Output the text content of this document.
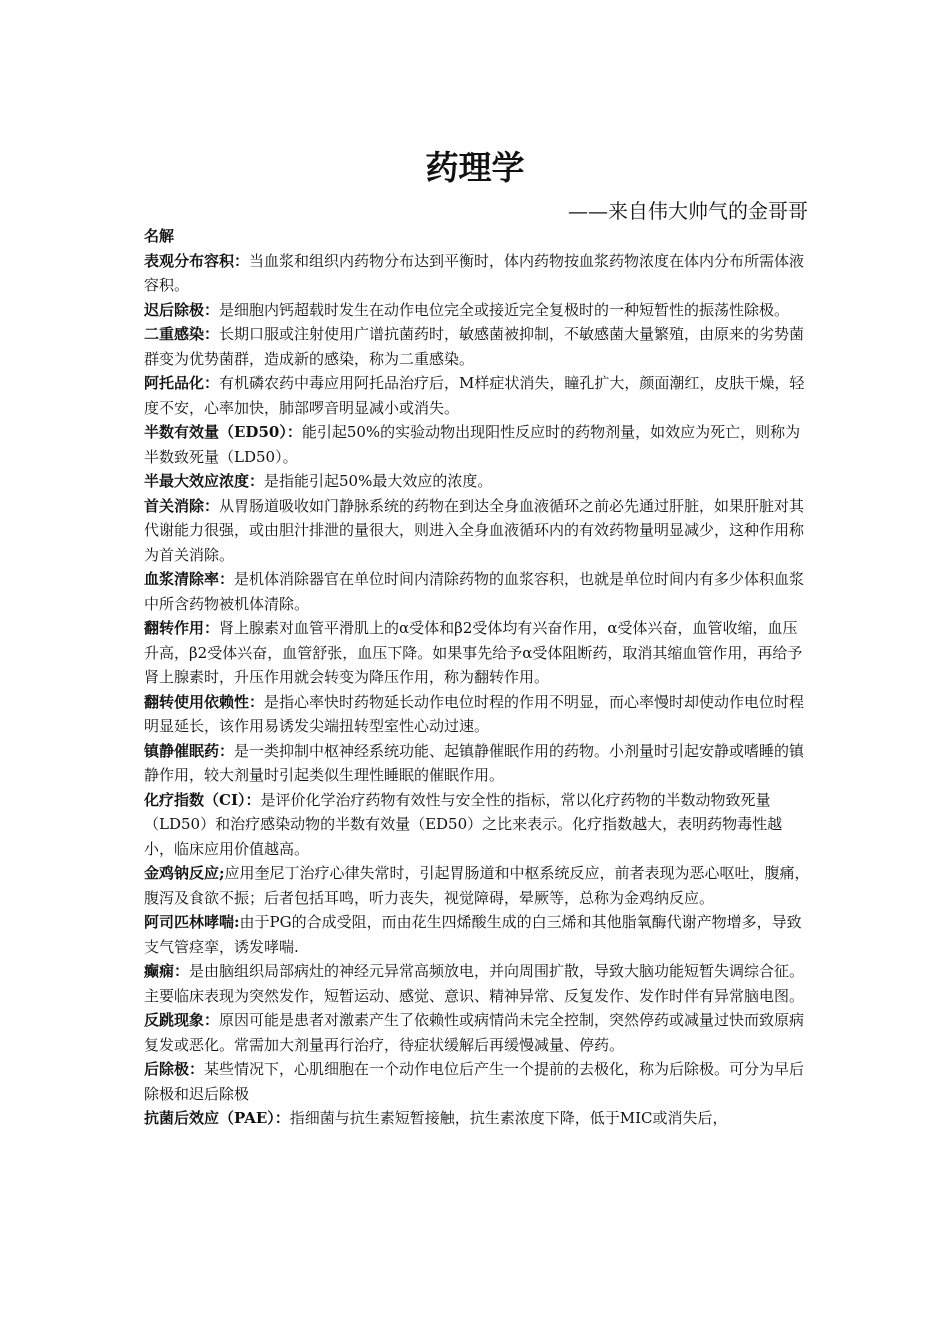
药理学
——来自伟大帅气的金哥哥

名解

表观分布容积：当血浆和组织内药物分布达到平衡时，体内药物按血浆药物浓度在体内分布所需体液容积。

迟后除极：是细胞内钙超载时发生在动作电位完全或接近完全复极时的一种短暂性的振荡性除极。

二重感染：长期口服或注射使用广谱抗菌药时，敏感菌被抑制，不敏感菌大量繁殖，由原来的劣势菌群变为优势菌群，造成新的感染，称为二重感染。

阿托品化：有机磷农药中毒应用阿托品治疗后，M样症状消失，瞳孔扩大，颜面潮红，皮肤干燥，轻度不安，心率加快，肺部啰音明显减小或消失。

半数有效量（ED50）：能引起50%的实验动物出现阳性反应时的药物剂量，如效应为死亡，则称为半数致死量（LD50）。

半最大效应浓度：是指能引起50%最大效应的浓度。

首关消除：从胃肠道吸收如门静脉系统的药物在到达全身血液循环之前必先通过肝脏，如果肝脏对其代谢能力很强，或由胆汁排泄的量很大，则进入全身血液循环内的有效药物量明显减少，这种作用称为首关消除。

血浆清除率：是机体消除器官在单位时间内清除药物的血浆容积，也就是单位时间内有多少体积血浆中所含药物被机体清除。

翻转作用：肾上腺素对血管平滑肌上的α受体和β2受体均有兴奋作用，α受体兴奋，血管收缩，血压升高，β2受体兴奋，血管舒张，血压下降。如果事先给予α受体阻断药，取消其缩血管作用，再给予肾上腺素时，升压作用就会转变为降压作用，称为翻转作用。

翻转使用依赖性：是指心率快时药物延长动作电位时程的作用不明显，而心率慢时却使动作电位时程明显延长，该作用易诱发尖端扭转型室性心动过速。

镇静催眠药：是一类抑制中枢神经系统功能、起镇静催眠作用的药物。小剂量时引起安静或嗜睡的镇静作用，较大剂量时引起类似生理性睡眠的催眠作用。

化疗指数（CI）：是评价化学治疗药物有效性与安全性的指标，常以化疗药物的半数动物致死量（LD50）和治疗感染动物的半数有效量（ED50）之比来表示。化疗指数越大，表明药物毒性越小，临床应用价值越高。

金鸡钠反应;应用奎尼丁治疗心律失常时，引起胃肠道和中枢系统反应，前者表现为恶心呕吐，腹痛，腹泻及食欲不振；后者包括耳鸣，听力丧失，视觉障碍，晕厥等，总称为金鸡纳反应。

阿司匹林哮喘:由于PG的合成受阻，而由花生四烯酸生成的白三烯和其他脂氧酶代谢产物增多，导致支气管痉挛，诱发哮喘.

癫痫：是由脑组织局部病灶的神经元异常高频放电，并向周围扩散，导致大脑功能短暂失调综合征。主要临床表现为突然发作，短暂运动、感觉、意识、精神异常、反复发作、发作时伴有异常脑电图。

反跳现象：原因可能是患者对激素产生了依赖性或病情尚未完全控制，突然停药或减量过快而致原病复发或恶化。常需加大剂量再行治疗，待症状缓解后再缓慢减量、停药。

后除极：某些情况下，心肌细胞在一个动作电位后产生一个提前的去极化，称为后除极。可分为早后除极和迟后除极

抗菌后效应（PAE）：指细菌与抗生素短暂接触，抗生素浓度下降，低于MIC或消失后，
